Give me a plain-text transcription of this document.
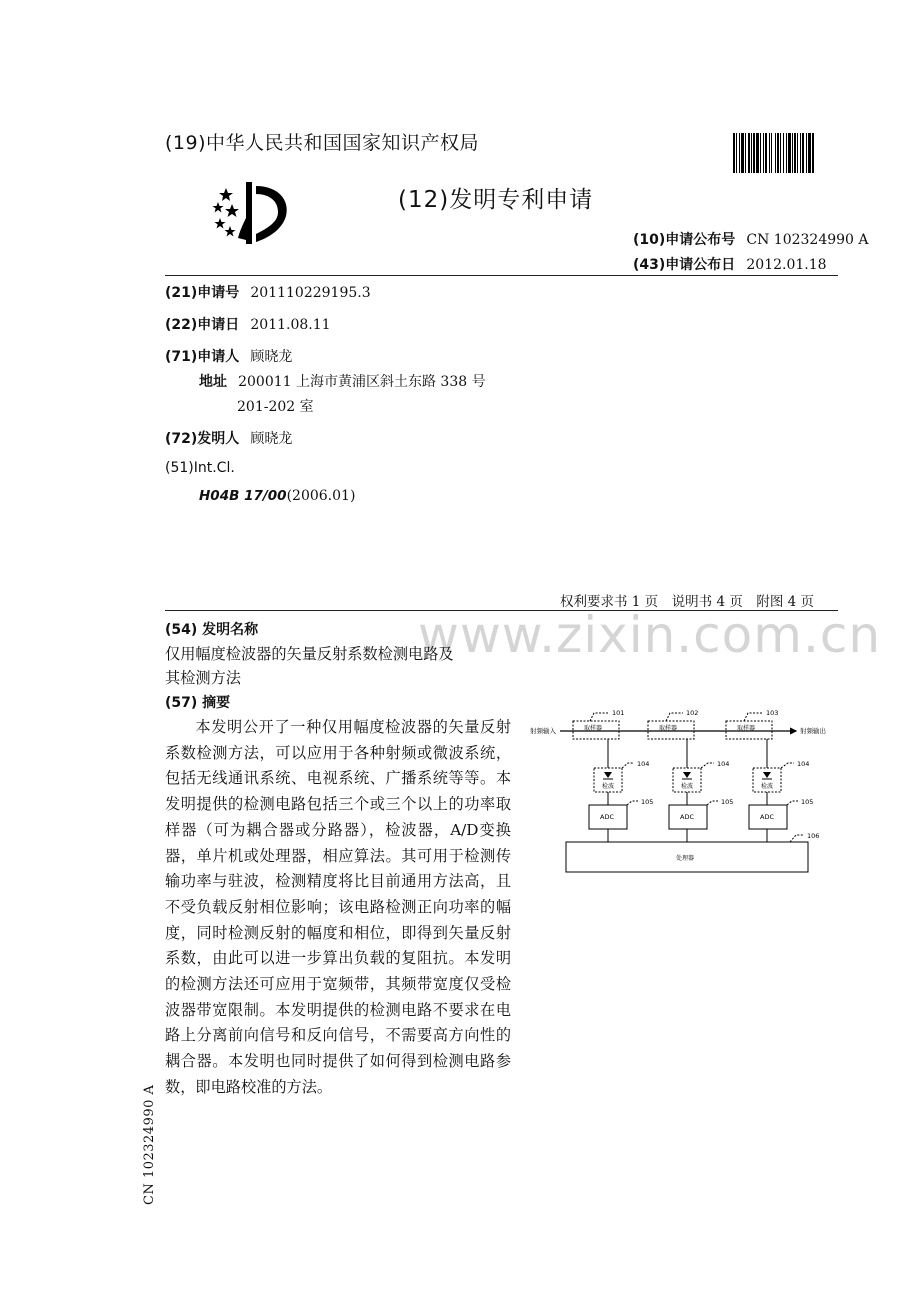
(19)中华人民共和国国家知识产权局
(12)发明专利申请
(10)申请公布号 CN 102324990 A
(43)申请公布日 2012.01.18
(21)申请号 201110229195.3
(22)申请日 2011.08.11
(71)申请人 顾晓龙
地址 200011 上海市黄浦区斜土东路 338 号
201-202 室
(72)发明人 顾晓龙
(51)Int.Cl.
H04B 17/00(2006.01)
权利要求书 1 页　说明书 4 页　附图 4 页
www.zixin.com.cn
(54) 发明名称
仅用幅度检波器的矢量反射系数检测电路及
其检测方法
(57) 摘要
本发明公开了一种仅用幅度检波器的矢量反射系数检测方法，可以应用于各种射频或微波系统，包括无线通讯系统、电视系统、广播系统等等。本发明提供的检测电路包括三个或三个以上的功率取样器（可为耦合器或分路器），检波器，A/D变换器，单片机或处理器，相应算法。其可用于检测传输功率与驻波，检测精度将比目前通用方法高，且不受负载反射相位影响；该电路检测正向功率的幅度，同时检测反射的幅度和相位，即得到矢量反射系数，由此可以进一步算出负载的复阻抗。本发明的检测方法还可应用于宽频带，其频带宽度仅受检波器带宽限制。本发明提供的检测电路不要求在电路上分离前向信号和反向信号，不需要高方向性的耦合器。本发明也同时提供了如何得到检测电路参数，即电路校准的方法。
射频输入	射频输出
取样器	取样器	取样器
101	102	103
检波	检波	检波
104	104	104
ADC	ADC	ADC
105	105	105
处理器
106
CN 102324990 A
